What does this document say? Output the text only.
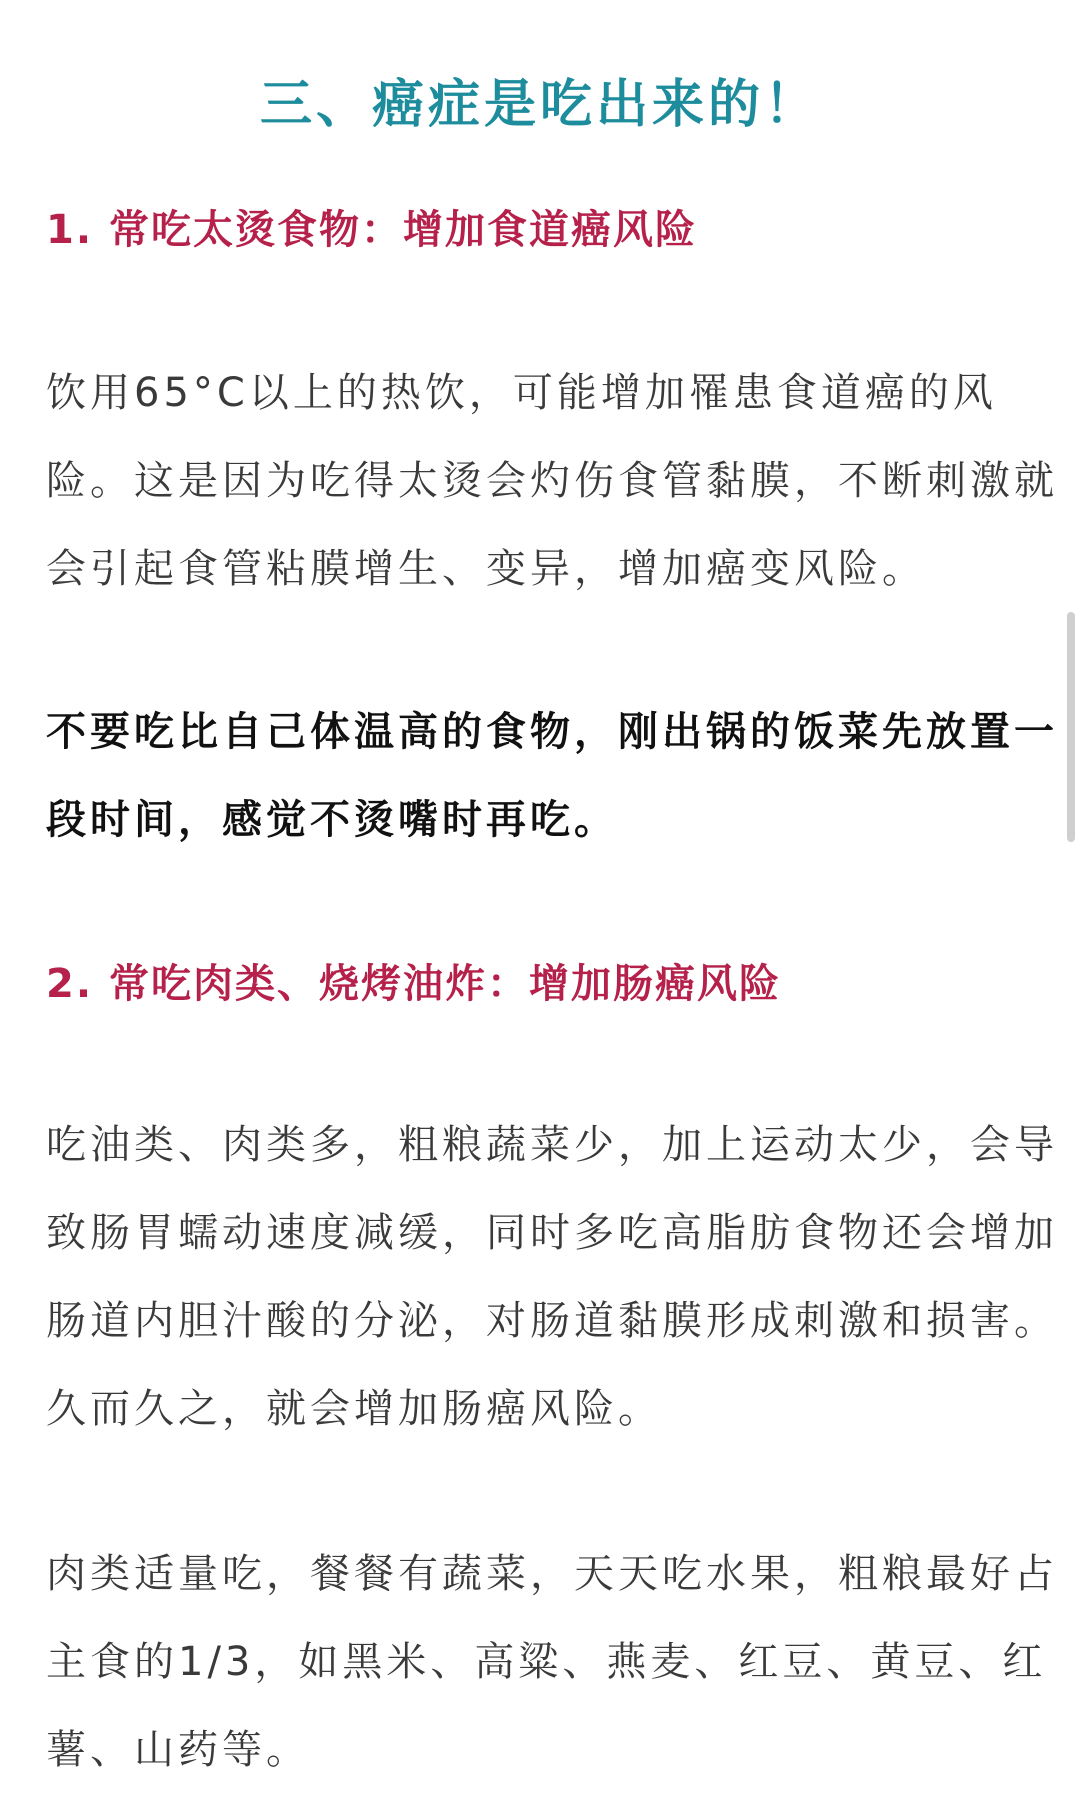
三、癌症是吃出来的！
1. 常吃太烫食物：增加食道癌风险

饮用65°C以上的热饮，可能增加罹患食道癌的风
险。这是因为吃得太烫会灼伤食管黏膜，不断刺激就
会引起食管粘膜增生、变异，增加癌变风险。

不要吃比自己体温高的食物，刚出锅的饭菜先放置一
段时间，感觉不烫嘴时再吃。

2. 常吃肉类、烧烤油炸：增加肠癌风险

吃油类、肉类多，粗粮蔬菜少，加上运动太少，会导
致肠胃蠕动速度减缓，同时多吃高脂肪食物还会增加
肠道内胆汁酸的分泌，对肠道黏膜形成刺激和损害。
久而久之，就会增加肠癌风险。

肉类适量吃，餐餐有蔬菜，天天吃水果，粗粮最好占
主食的1/3，如黑米、高粱、燕麦、红豆、黄豆、红
薯、山药等。
